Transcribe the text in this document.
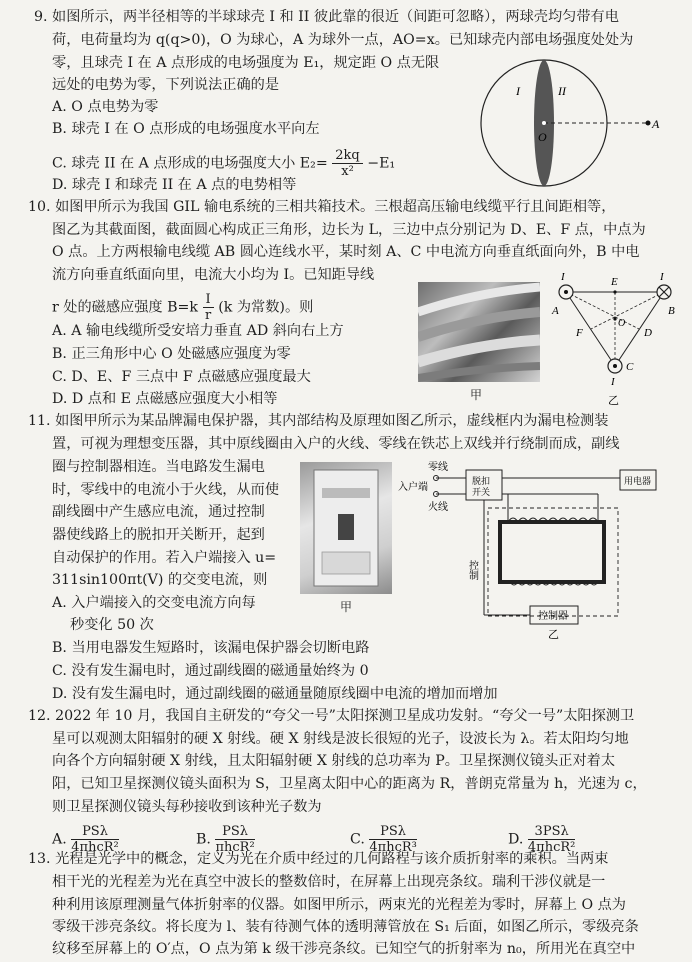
9. 如图所示，两半径相等的半球球壳 I 和 II 彼此靠的很近（间距可忽略），两球壳均匀带有电
荷，电荷量均为 q(q>0)，O 为球心，A 为球外一点，AO=x。已知球壳内部电场强度处处为
零，且球壳 I 在 A 点形成的电场强度为 E₁，规定距 O 点无限
远处的电势为零，下列说法正确的是
A. O 点电势为零
B. 球壳 I 在 O 点形成的电场强度水平向左
C. 球壳 II 在 A 点形成的电场强度大小 $E_2= \frac{2kq}{\text{x²}} -E_1$
D. 球壳 I 和球壳 II 在 A 点的电势相等
I	II
O
A
10. 如图甲所示为我国 GIL 输电系统的三相共箱技术。三根超高压输电线缆平行且间距相等，
图乙为其截面图，截面圆心构成正三角形，边长为 L，三边中点分别记为 D、E、F 点，中点为
O 点。上方两根输电线缆 AB 圆心连线水平，某时刻 A、C 中电流方向垂直纸面向外，B 中电
流方向垂直纸面向里，电流大小均为 I。已知距导线
r 处的磁感应强度 $B=k \frac{I}{r} (k$ 为常数)。则
A. A 输电线缆所受安培力垂直 AD 斜向右上方
B. 正三角形中心 O 处磁感应强度为零
C. D、E、F 三点中 F 点磁感应强度最大
D. D 点和 E 点磁感应强度大小相等	甲
I	E	I
A	B
F	D
O
C
I
乙
11. 如图甲所示为某品牌漏电保护器，其内部结构及原理如图乙所示，虚线框内为漏电检测装
置，可视为理想变压器，其中原线圈由入户的火线、零线在铁芯上双线并行绕制而成，副线
圈与控制器相连。当电路发生漏电
时，零线中的电流小于火线，从而使
副线圈中产生感应电流，通过控制
器使线路上的脱扣开关断开，起到
自动保护的作用。若入户端接入 u=
311sin100πt(V) 的交变电流，则
A. 入户端接入的交变电流方向每
秒变化 50 次
B. 当用电器发生短路时，该漏电保护器会切断电路
C. 没有发生漏电时，通过副线圈的磁通量始终为 0
D. 没有发生漏电时，通过副线圈的磁通量随原线圈中电流的增加而增加
甲
零线
入户端
火线
脱扣
开关
用电器
控制
控制器
乙
12. 2022 年 10 月，我国自主研发的“夸父一号”太阳探测卫星成功发射。“夸父一号”太阳探测卫
星可以观测太阳辐射的硬 X 射线。硬 X 射线是波长很短的光子，设波长为 λ。若太阳均匀地
向各个方向辐射硬 X 射线，且太阳辐射硬 X 射线的总功率为 P。卫星探测仪镜头正对着太
阳，已知卫星探测仪镜头面积为 S，卫星离太阳中心的距离为 R，普朗克常量为 h，光速为 c，
则卫星探测仪镜头每秒接收到该种光子数为
A. $\frac{\text{PSλ}}{\text{4πhcR²}}$	B. $\frac{\text{PSλ}}{\text{πhcR²}}$	C. $\frac{\text{PSλ}}{\text{4πhcR³}}$	D. $\frac{\text{3PSλ}}{\text{4πhcR²}}$
13. 光程是光学中的概念，定义为光在介质中经过的几何路程与该介质折射率的乘积。当两束
相干光的光程差为光在真空中波长的整数倍时，在屏幕上出现亮条纹。瑞利干涉仪就是一
种利用该原理测量气体折射率的仪器。如图甲所示，两束光的光程差为零时，屏幕上 O 点为
零级干涉亮条纹。将长度为 l、装有待测气体的透明薄管放在 S₁ 后面，如图乙所示，零级亮条
纹移至屏幕上的 O′点，O 点为第 k 级干涉亮条纹。已知空气的折射率为 n₀，所用光在真空中
